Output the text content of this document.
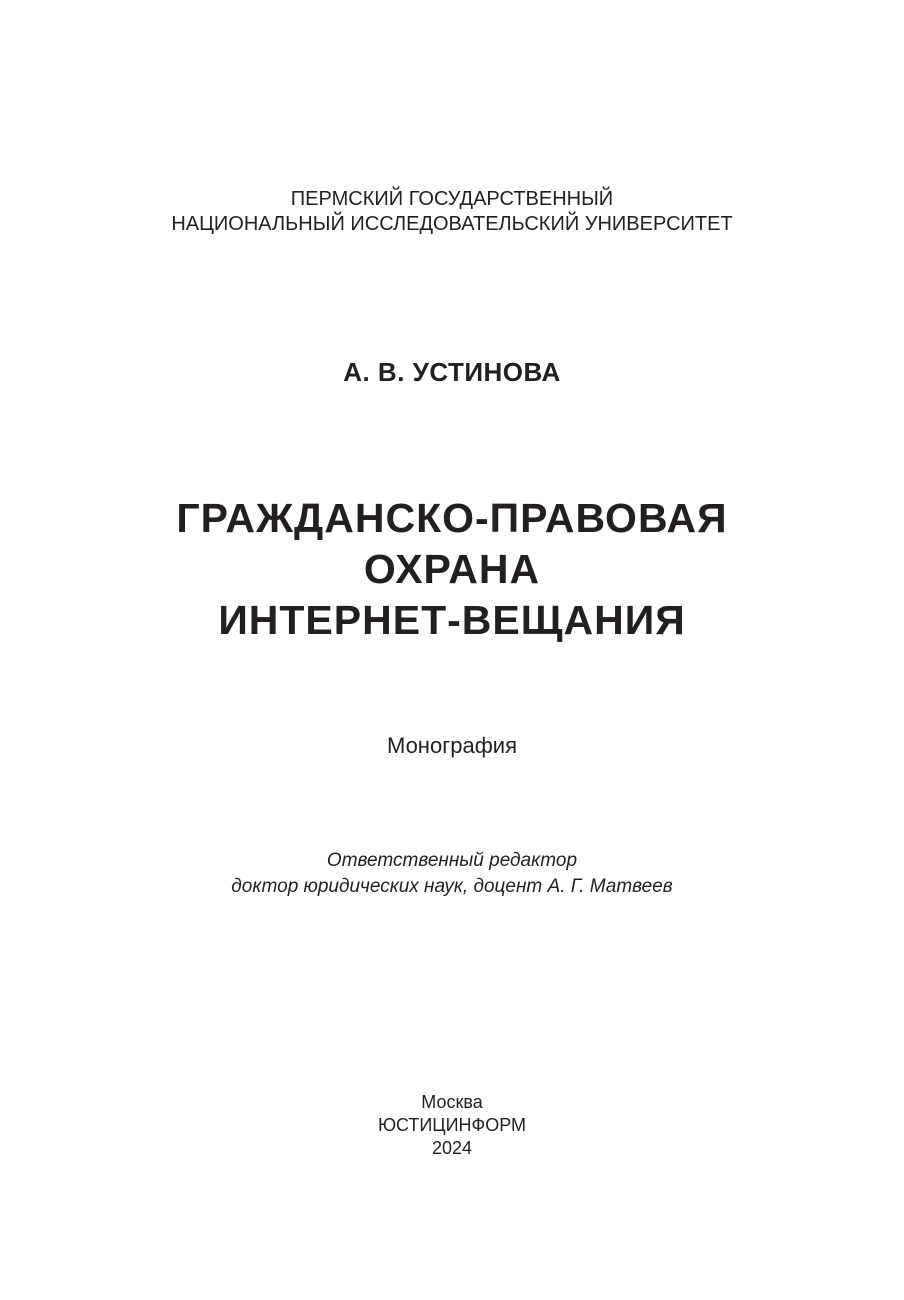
ПЕРМСКИЙ ГОСУДАРСТВЕННЫЙ
НАЦИОНАЛЬНЫЙ ИССЛЕДОВАТЕЛЬСКИЙ УНИВЕРСИТЕТ
А. В. УСТИНОВА
ГРАЖДАНСКО-ПРАВОВАЯ
ОХРАНА
ИНТЕРНЕТ-ВЕЩАНИЯ
Монография
Ответственный редактор
доктор юридических наук, доцент А. Г. Матвеев
Москва
ЮСТИЦИНФОРМ
2024
